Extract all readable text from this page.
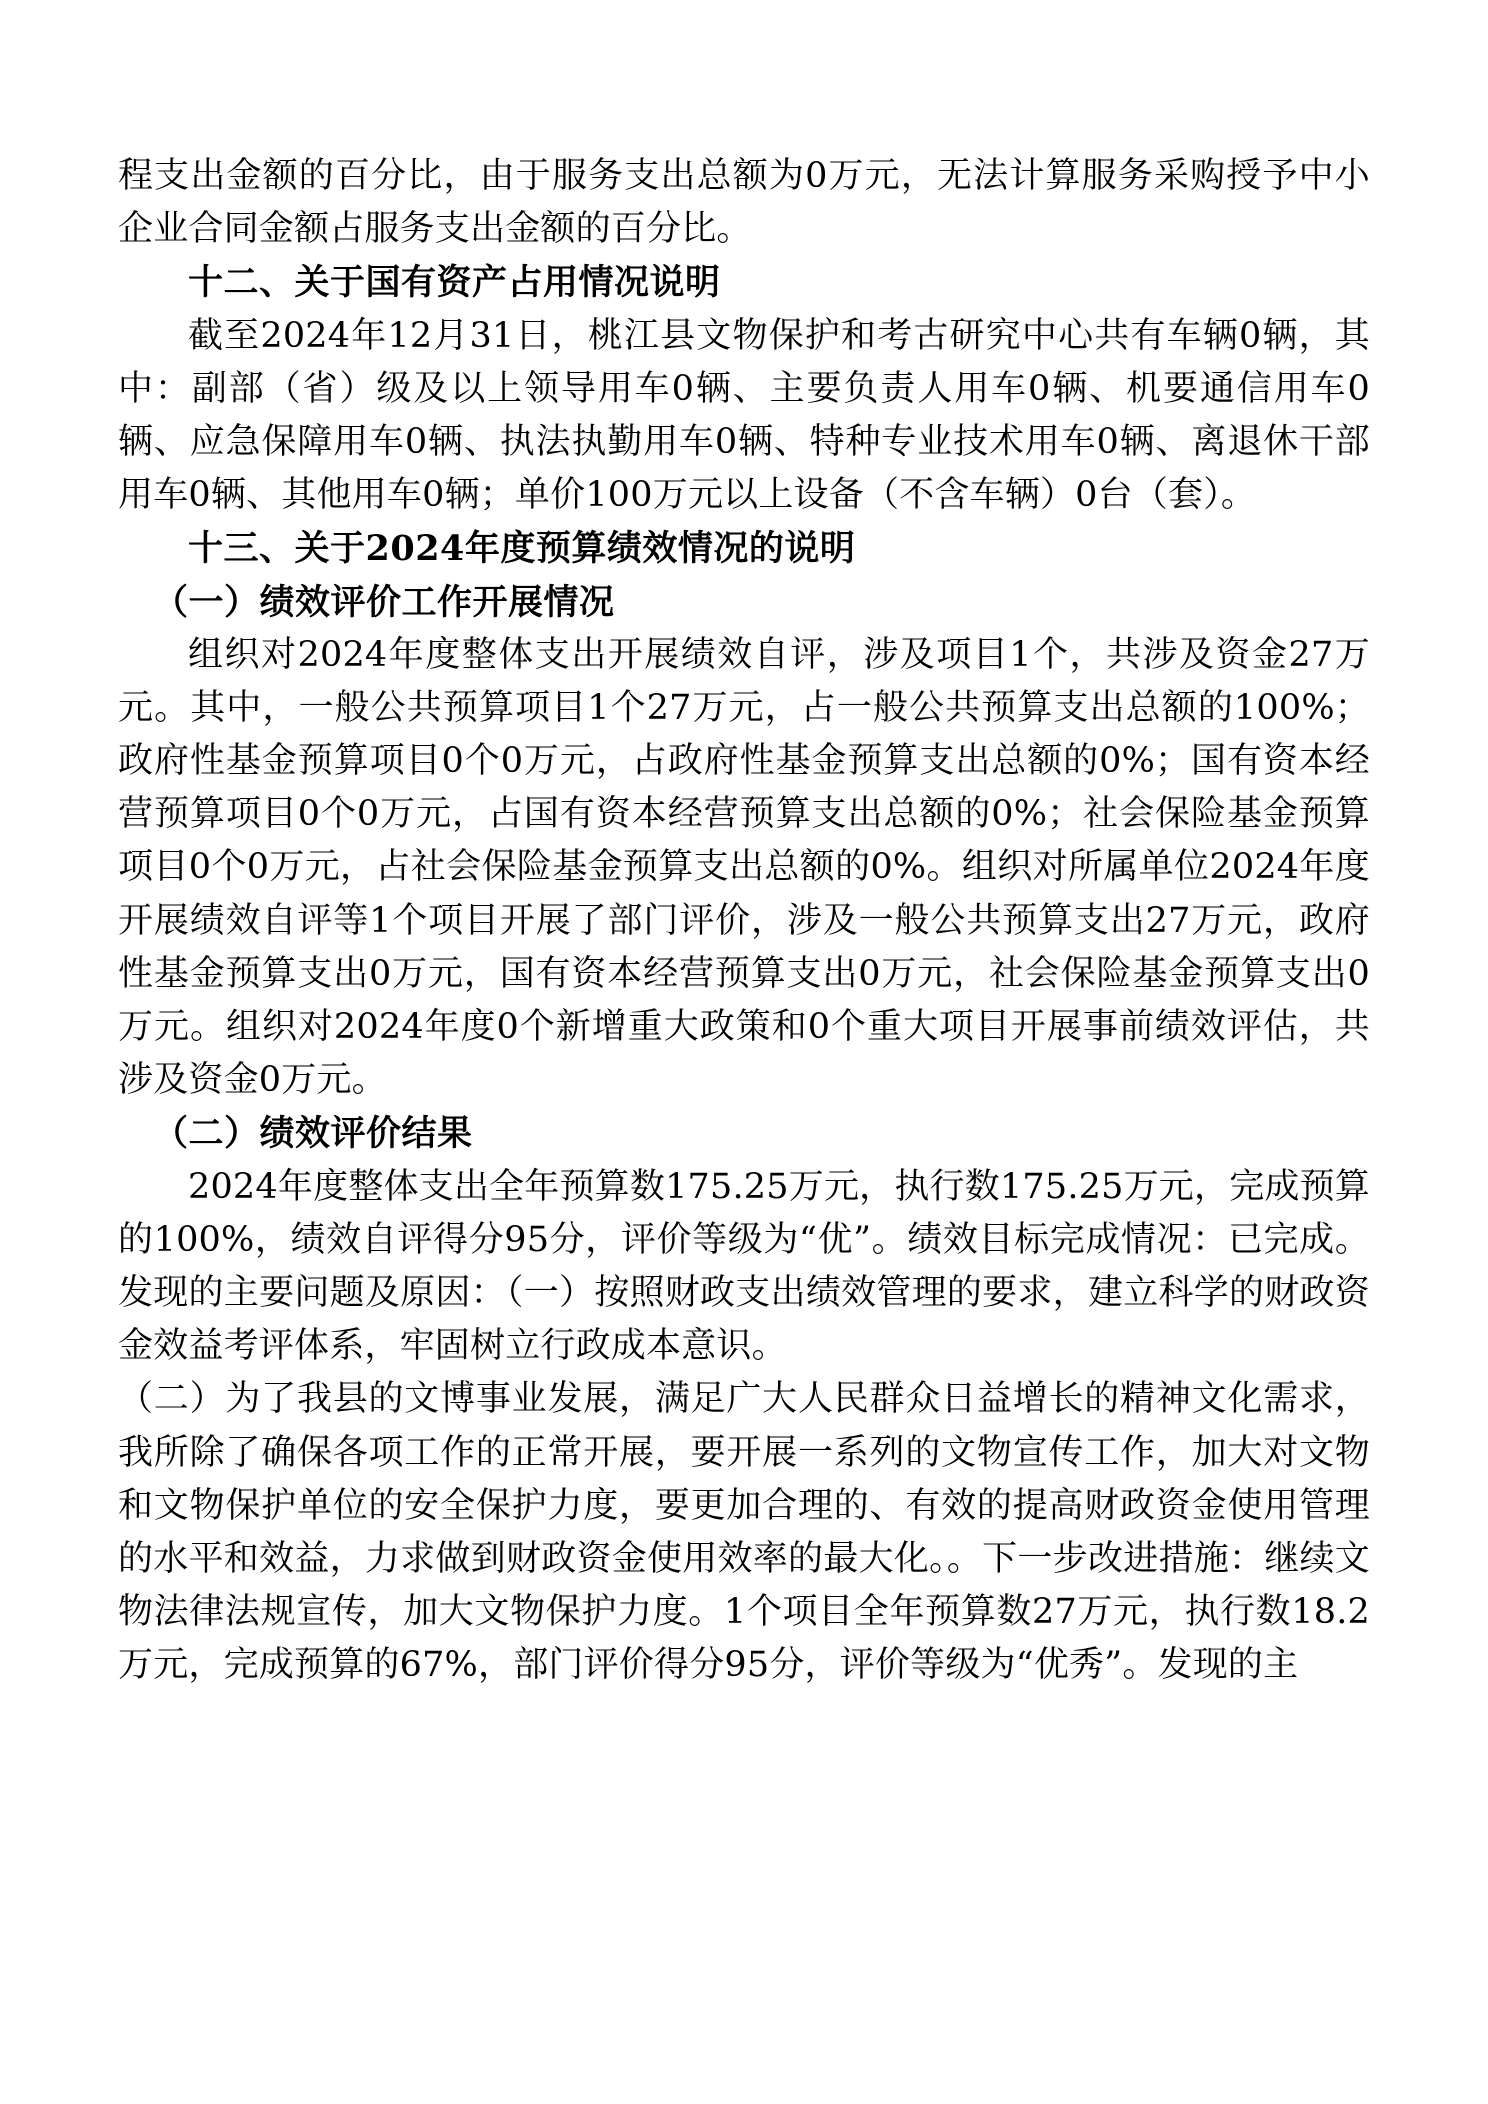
程支出金额的百分比，由于服务支出总额为0万元，无法计算服务采购授予中小企业合同金额占服务支出金额的百分比。

十二、关于国有资产占用情况说明

截至2024年12月31日，桃江县文物保护和考古研究中心共有车辆0辆，其中：副部（省）级及以上领导用车0辆、主要负责人用车0辆、机要通信用车0辆、应急保障用车0辆、执法执勤用车0辆、特种专业技术用车0辆、离退休干部用车0辆、其他用车0辆；单价100万元以上设备（不含车辆）0台（套）。

十三、关于2024年度预算绩效情况的说明

（一）绩效评价工作开展情况

组织对2024年度整体支出开展绩效自评，涉及项目1个，共涉及资金27万元。其中，一般公共预算项目1个27万元，占一般公共预算支出总额的100%；政府性基金预算项目0个0万元，占政府性基金预算支出总额的0%；国有资本经营预算项目0个0万元，占国有资本经营预算支出总额的0%；社会保险基金预算项目0个0万元，占社会保险基金预算支出总额的0%。组织对所属单位2024年度开展绩效自评等1个项目开展了部门评价，涉及一般公共预算支出27万元，政府性基金预算支出0万元，国有资本经营预算支出0万元，社会保险基金预算支出0万元。组织对2024年度0个新增重大政策和0个重大项目开展事前绩效评估，共涉及资金0万元。

（二）绩效评价结果

2024年度整体支出全年预算数175.25万元，执行数175.25万元，完成预算的100%，绩效自评得分95分，评价等级为“优”。绩效目标完成情况：已完成。发现的主要问题及原因：（一）按照财政支出绩效管理的要求，建立科学的财政资金效益考评体系，牢固树立行政成本意识。

（二）为了我县的文博事业发展，满足广大人民群众日益增长的精神文化需求，我所除了确保各项工作的正常开展，要开展一系列的文物宣传工作，加大对文物和文物保护单位的安全保护力度，要更加合理的、有效的提高财政资金使用管理的水平和效益，力求做到财政资金使用效率的最大化。。下一步改进措施：继续文物法律法规宣传，加大文物保护力度。1个项目全年预算数27万元，执行数18.2万元，完成预算的67%，部门评价得分95分，评价等级为“优秀”。发现的主
